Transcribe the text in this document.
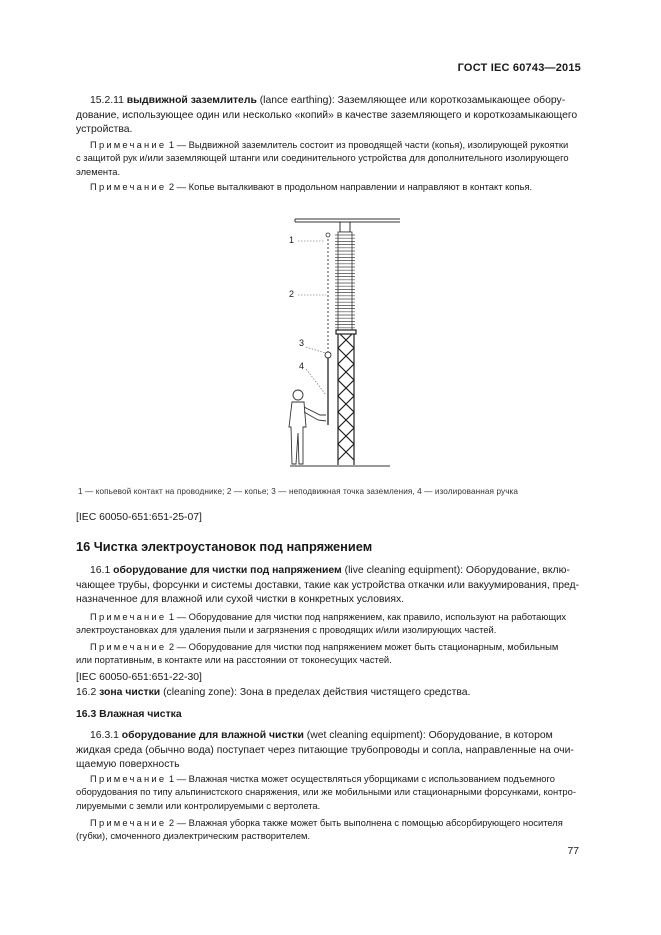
ГОСТ IEC 60743—2015
15.2.11 выдвижной заземлитель (lance earthing): Заземляющее или короткозамыкающее обору-
дование, использующее один или несколько «копий» в качестве заземляющего и короткозамыкающего
устройства.
Примечание 1 — Выдвижной заземлитель состоит из проводящей части (копья), изолирующей рукоятки
с защитой рук и/или заземляющей штанги или соединительного устройства для дополнительного изолирующего
элемента.
Примечание 2 — Копье выталкивают в продольном направлении и направляют в контакт копья.
1
2
3
4
1 — копьевой контакт на проводнике; 2 — копье; 3 — неподвижная точка заземления, 4 — изолированная ручка
[IEC 60050-651:651-25-07]
16 Чистка электроустановок под напряжением
16.1 оборудование для чистки под напряжением (live cleaning equipment): Оборудование, вклю-
чающее трубы, форсунки и системы доставки, такие как устройства откачки или вакуумирования, пред-
назначенное для влажной или сухой чистки в конкретных условиях.
Примечание 1 — Оборудование для чистки под напряжением, как правило, используют на работающих
электроустановках для удаления пыли и загрязнения с проводящих и/или изолирующих частей.
Примечание 2 — Оборудование для чистки под напряжением может быть стационарным, мобильным
или портативным, в контакте или на расстоянии от токонесущих частей.
[IEC 60050-651:651-22-30]
16.2 зона чистки (cleaning zone): Зона в пределах действия чистящего средства.
16.3 Влажная чистка
16.3.1 оборудование для влажной чистки (wet cleaning equipment): Оборудование, в котором
жидкая среда (обычно вода) поступает через питающие трубопроводы и сопла, направленные на очи-
щаемую поверхность
Примечание 1 — Влажная чистка может осуществляться уборщиками с использованием подъемного
оборудования по типу альпинистского снаряжения, или же мобильными или стационарными форсунками, контро-
лируемыми с земли или контролируемыми с вертолета.
Примечание 2 — Влажная уборка также может быть выполнена с помощью абсорбирующего носителя
(губки), смоченного диэлектрическим растворителем.
77
